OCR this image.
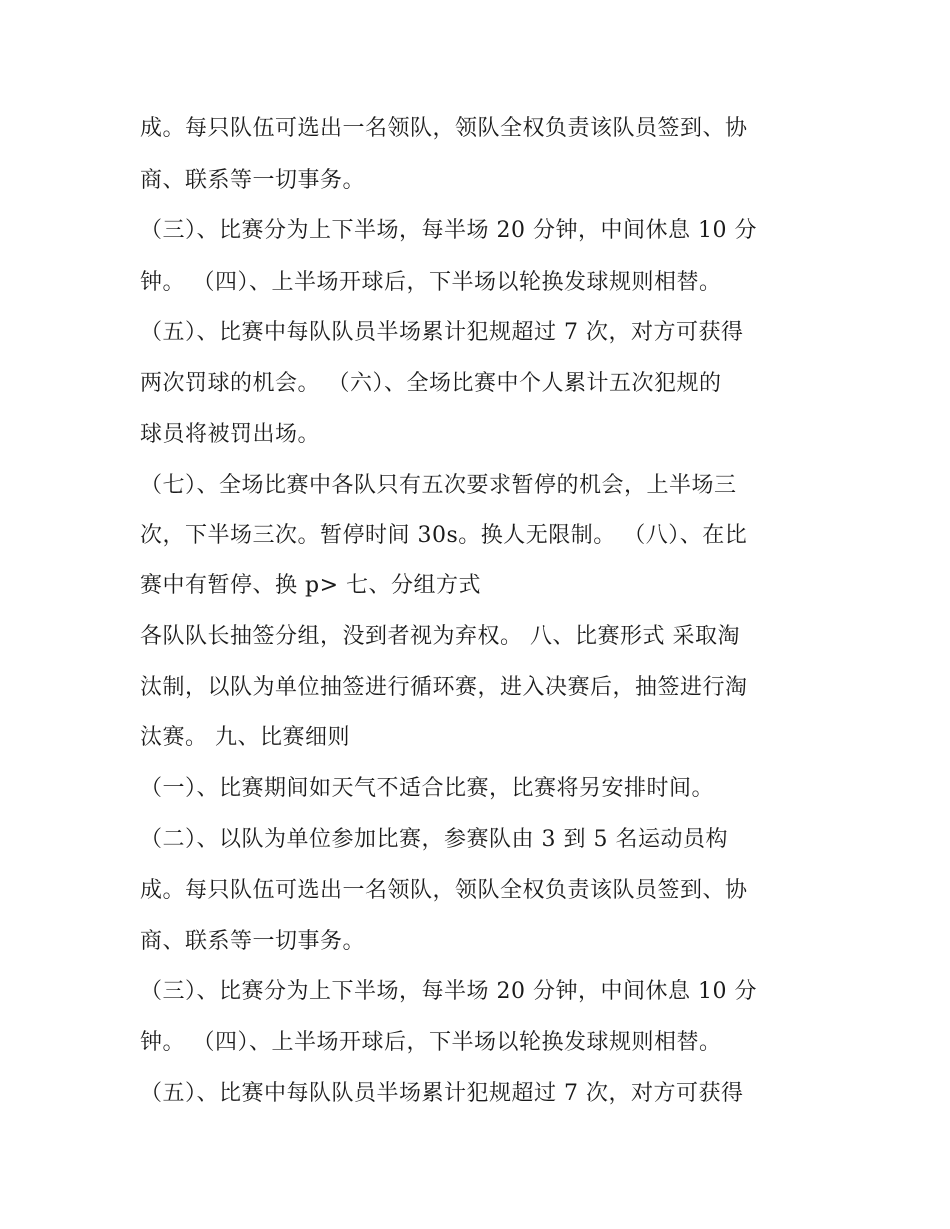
成。每只队伍可选出一名领队，领队全权负责该队员签到、协
商、联系等一切事务。
（三）、比赛分为上下半场，每半场 20 分钟，中间休息 10 分
钟。 （四）、上半场开球后，下半场以轮换发球规则相替。
（五）、比赛中每队队员半场累计犯规超过 7 次，对方可获得
两次罚球的机会。 （六）、全场比赛中个人累计五次犯规的
球员将被罚出场。
（七）、全场比赛中各队只有五次要求暂停的机会，上半场三
次，下半场三次。暂停时间 30s。换人无限制。 （八）、在比
赛中有暂停、换 p> 七、分组方式
各队队长抽签分组，没到者视为弃权。 八、比赛形式 采取淘
汰制，以队为单位抽签进行循环赛，进入决赛后，抽签进行淘
汰赛。 九、比赛细则
（一）、比赛期间如天气不适合比赛，比赛将另安排时间。
（二）、以队为单位参加比赛，参赛队由 3 到 5 名运动员构
成。每只队伍可选出一名领队，领队全权负责该队员签到、协
商、联系等一切事务。
（三）、比赛分为上下半场，每半场 20 分钟，中间休息 10 分
钟。 （四）、上半场开球后，下半场以轮换发球规则相替。
（五）、比赛中每队队员半场累计犯规超过 7 次，对方可获得
